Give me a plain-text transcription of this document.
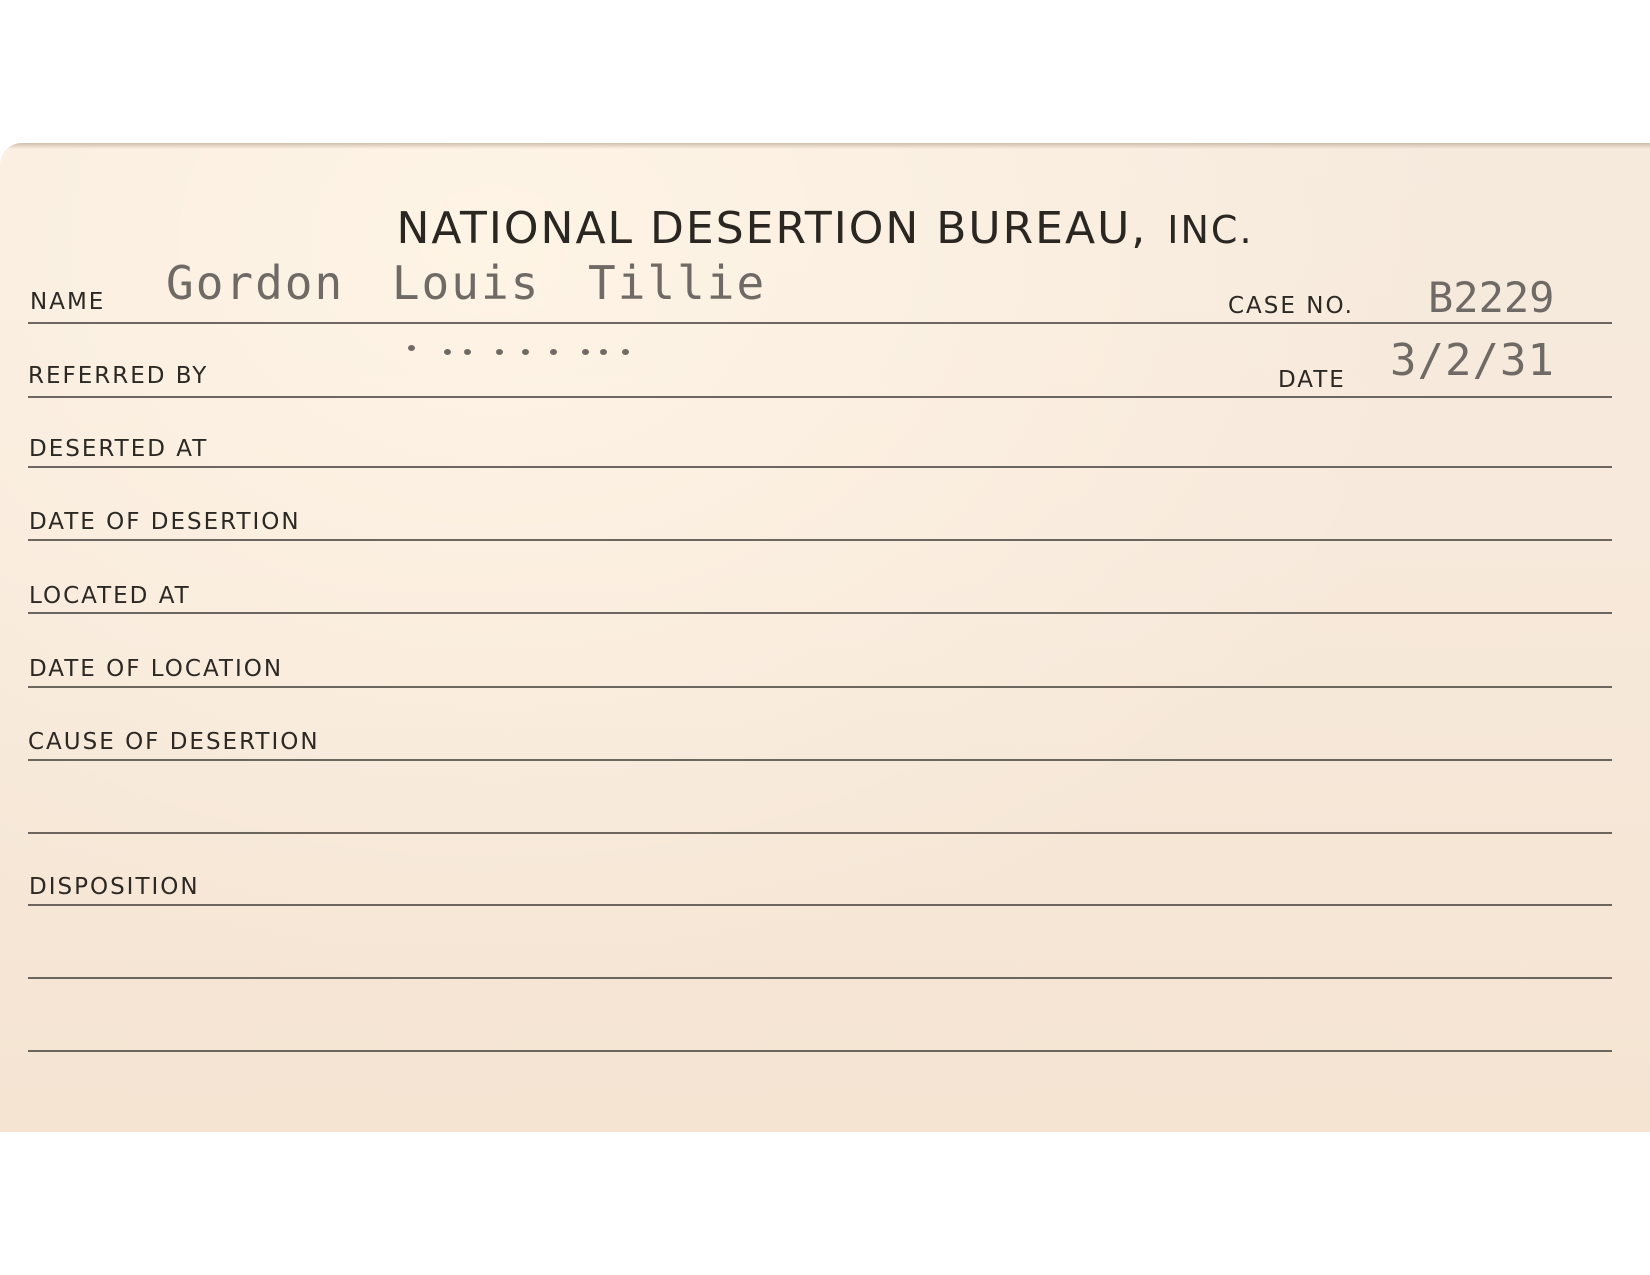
NATIONAL DESERTION BUREAU, INC.
NAME Gordon Louis Tillie	CASE NO. B2229
REFERRED BY	DATE 3/2/31
DESERTED AT
DATE OF DESERTION
LOCATED AT
DATE OF LOCATION
CAUSE OF DESERTION
DISPOSITION
